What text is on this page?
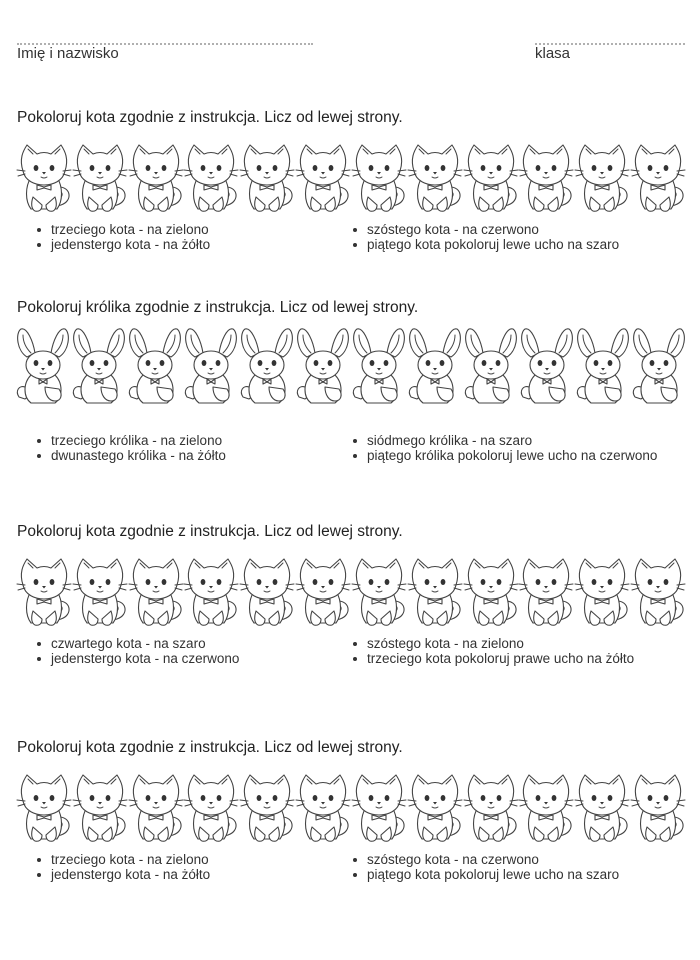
Imię i nazwisko	klasa
Pokoloruj kota zgodnie z instrukcja. Licz od lewej strony.
trzeciego kota - na zielono
jedenstergo kota - na żółto
szóstego kota - na czerwono
piątego kota pokoloruj lewe ucho na szaro
Pokoloruj królika zgodnie z instrukcja. Licz od lewej strony.
trzeciego królika - na zielono
dwunastego królika - na żółto
siódmego królika - na szaro
piątego królika pokoloruj lewe ucho na czerwono
Pokoloruj kota zgodnie z instrukcja. Licz od lewej strony.
czwartego kota - na szaro
jedenstergo kota - na czerwono
szóstego kota - na zielono
trzeciego kota pokoloruj prawe ucho na żółto
Pokoloruj kota zgodnie z instrukcja. Licz od lewej strony.
trzeciego kota - na zielono
jedenstergo kota - na żółto
szóstego kota - na czerwono
piątego kota pokoloruj lewe ucho na szaro
